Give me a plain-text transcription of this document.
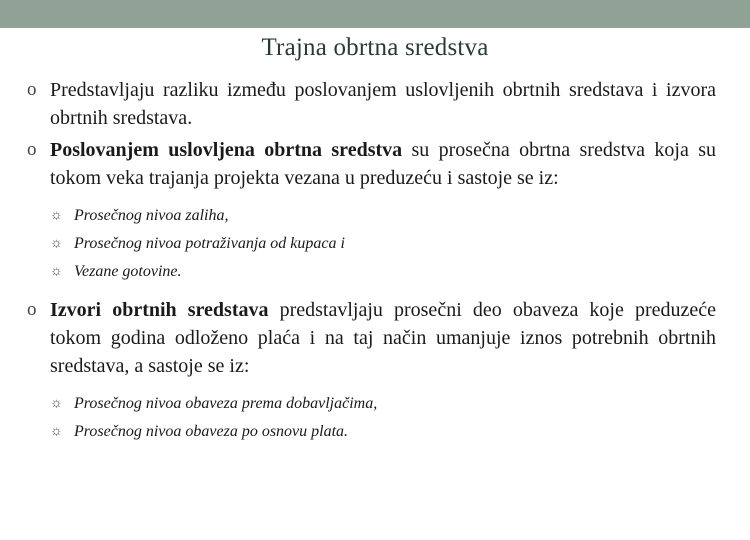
Trajna obrtna sredstva
o Predstavljaju razliku između poslovanjem uslovljenih obrtnih sredstava i izvora obrtnih sredstava.
o Poslovanjem uslovljena obrtna sredstva su prosečna obrtna sredstva koja su tokom veka trajanja projekta vezana u preduzeću i sastoje se iz:
☼ Prosečnog nivoa zaliha,
☼ Prosečnog nivoa potraživanja od kupaca i
☼ Vezane gotovine.
o Izvori obrtnih sredstava predstavljaju prosečni deo obaveza koje preduzeće tokom godina odloženo plaća i na taj način umanjuje iznos potrebnih obrtnih sredstava, a sastoje se iz:
☼ Prosečnog nivoa obaveza prema dobavljačima,
☼ Prosečnog nivoa obaveza po osnovu plata.
